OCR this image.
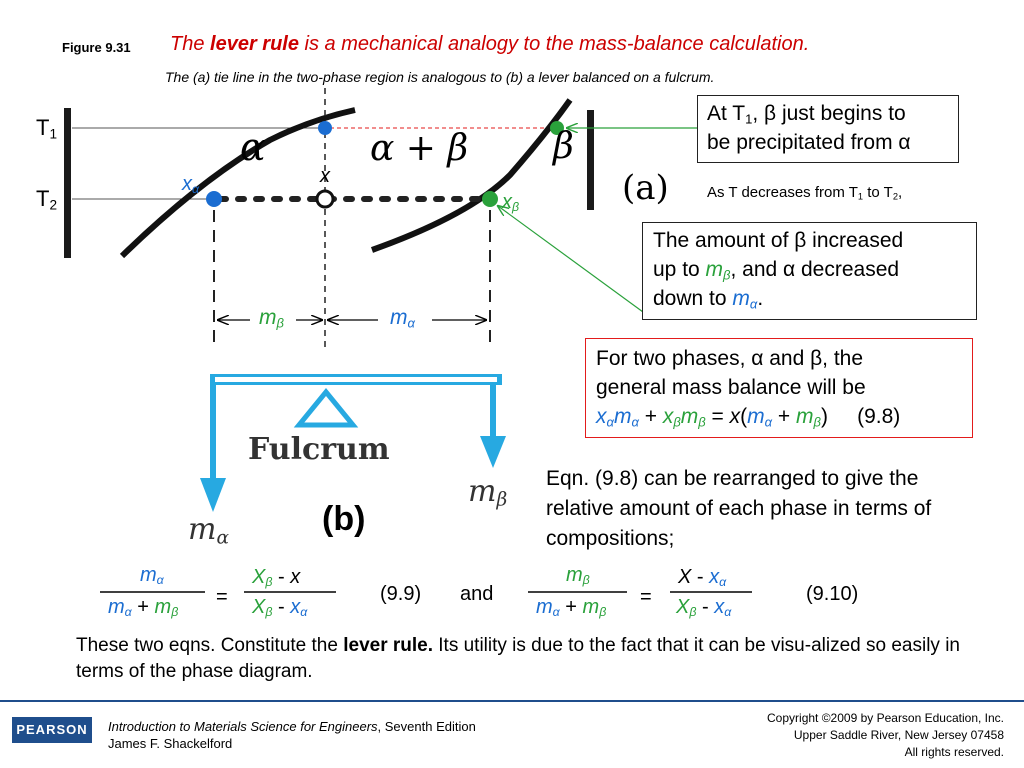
Figure 9.31 The lever rule is a mechanical analogy to the mass-balance calculation.
The (a) tie line in the two-phase region is analogous to (b) a lever balanced on a fulcrum.
$T_1$
$T_2$
α	α + β β
(a)
x
$x_\alpha$
$x_\beta$
$m_\beta$	$m_\alpha$
Fulcrum
$m_\beta$
$m_\alpha$
(b)
At $T_1$, β just begins to
be precipitated from α
As T decreases from $T_1$ to $T_2$,
The amount of β increased
up to $m_\beta$, and α decreased
down to $m_\alpha$.
For two phases, α and β, the
general mass balance will be
$x_\alpha m_\alpha + x_\beta m_\beta = x(m_\alpha + m_\beta)$     (9.8)
Eqn. (9.8) can be rearranged to give the relative amount of each phase in terms of compositions;
$m_\alpha$
$m_\alpha + m_\beta$
=
$X_\beta$ - x
$X_\beta - x_\alpha$
(9.9) and
$m_\beta$
$m_\alpha + m_\beta$
=
X - $x_\alpha$
$X_\beta - x_\alpha$
(9.10)
These two eqns. Constitute the lever rule. Its utility is due to the fact that it can be visu-alized so easily in terms of the phase diagram.
PEARSON	Introduction to Materials Science for Engineers, Seventh Edition
James F. Shackelford
Copyright ©2009 by Pearson Education, Inc.
Upper Saddle River, New Jersey 07458
All rights reserved.
